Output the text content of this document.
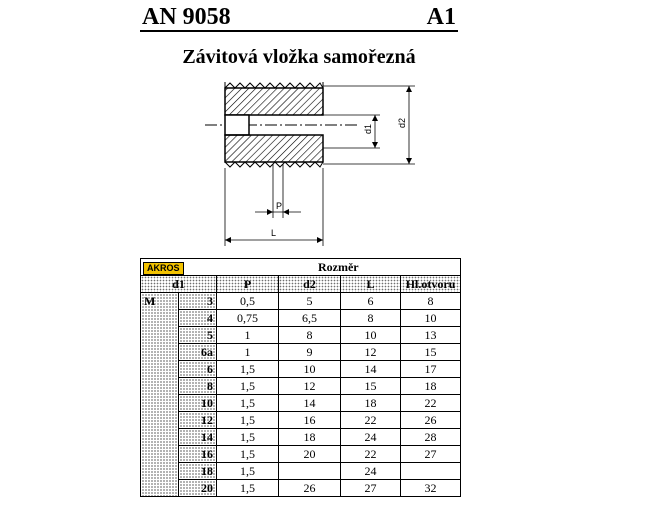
AN 9058	A1
Závitová vložka samořezná
d1
d2
P
L
AKROS		Rozměr			
d1		P	d2	L	Hl.otvoru
M	3	0,5	5	6	8
	4	0,75	6,5	8	10
	5	1	8	10	13
	6a	1	9	12	15
	6	1,5	10	14	17
	8	1,5	12	15	18
	10	1,5	14	18	22
	12	1,5	16	22	26
	14	1,5	18	24	28
	16	1,5	20	22	27
	18	1,5		24	
	20	1,5	26	27	32
